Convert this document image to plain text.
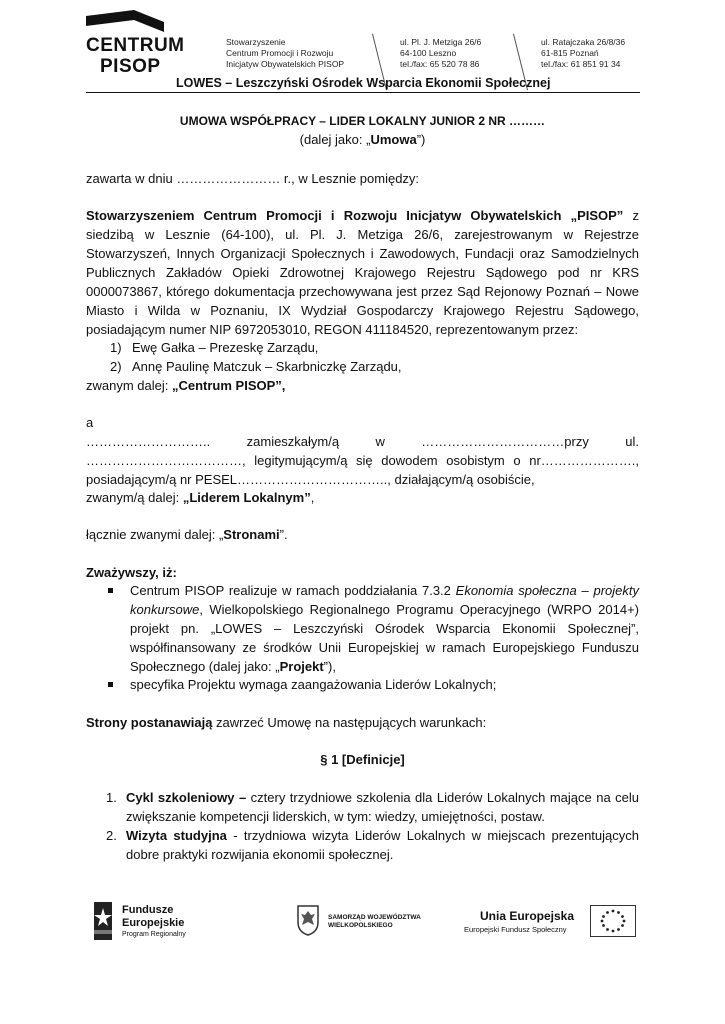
CENTRUM
PISOP
Stowarzyszenie
Centrum Promocji i Rozwoju
Inicjatyw Obywatelskich PISOP
ul. Pl. J. Metziga 26/6
64-100 Leszno
tel./fax: 65 520 78 86
ul. Ratajczaka 26/8/36
61-815 Poznań
tel./fax: 61 851 91 34
LOWES – Leszczyński Ośrodek Wsparcia Ekonomii Społecznej
UMOWA WSPÓŁPRACY – LIDER LOKALNY JUNIOR 2 NR ………
(dalej jako: „Umowa”)
zawarta w dniu …………………… r., w Lesznie pomiędzy:
Stowarzyszeniem Centrum Promocji i Rozwoju Inicjatyw Obywatelskich „PISOP” z siedzibą w Lesznie (64-100), ul. Pl. J. Metziga 26/6, zarejestrowanym w Rejestrze Stowarzyszeń, Innych Organizacji Społecznych i Zawodowych, Fundacji oraz Samodzielnych Publicznych Zakładów Opieki Zdrowotnej Krajowego Rejestru Sądowego pod nr KRS 0000073867, którego dokumentacja przechowywana jest przez Sąd Rejonowy Poznań – Nowe Miasto i Wilda w Poznaniu, IX Wydział Gospodarczy Krajowego Rejestru Sądowego, posiadającym numer NIP 6972053010, REGON 411184520, reprezentowanym przez:
1) Ewę Gałka – Prezeskę Zarządu,
2) Annę Paulinę Matczuk – Skarbniczkę Zarządu,
zwanym dalej: „Centrum PISOP”,
a
……………………….. zamieszkałym/ą w ……………………………przy ul. ………………………………, legitymującym/ą się dowodem osobistym o nr…………………., posiadającym/ą nr PESEL…………………………….., działającym/ą osobiście,
zwanym/ą dalej: „Liderem Lokalnym”,
łącznie zwanymi dalej: „Stronami”.
Zważywszy, iż:
Centrum PISOP realizuje w ramach poddziałania 7.3.2 Ekonomia społeczna – projekty konkursowe, Wielkopolskiego Regionalnego Programu Operacyjnego (WRPO 2014+) projekt pn. „LOWES – Leszczyński Ośrodek Wsparcia Ekonomii Społecznej”, współfinansowany ze środków Unii Europejskiej w ramach Europejskiego Funduszu Społecznego (dalej jako: „Projekt”),
specyfika Projektu wymaga zaangażowania Liderów Lokalnych;
Strony postanawiają zawrzeć Umowę na następujących warunkach:
§ 1 [Definicje]
1. Cykl szkoleniowy – cztery trzydniowe szkolenia dla Liderów Lokalnych mające na celu zwiększanie kompetencji liderskich, w tym: wiedzy, umiejętności, postaw.
2. Wizyta studyjna - trzydniowa wizyta Liderów Lokalnych w miejscach prezentujących dobre praktyki rozwijania ekonomii społecznej.
Fundusze
Europejskie
Program Regionalny
SAMORZĄD WOJEWÓDZTWA
WIELKOPOLSKIEGO
Unia Europejska
Europejski Fundusz Społeczny
